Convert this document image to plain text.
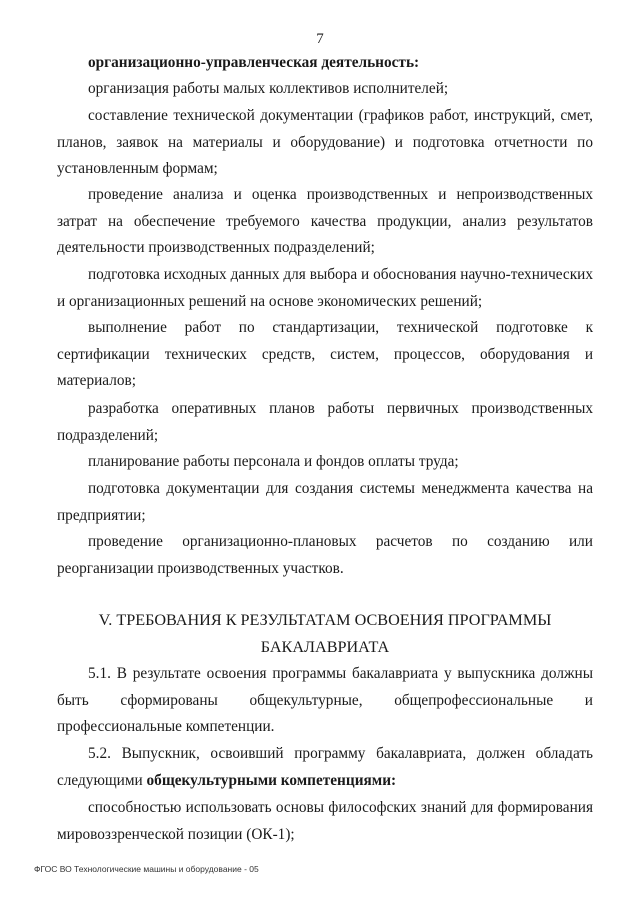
7
организационно-управленческая деятельность:
организация работы малых коллективов исполнителей;
составление технической документации (графиков работ, инструкций, смет, планов, заявок на материалы и оборудование) и подготовка отчетности по установленным формам;
проведение анализа и оценка производственных и непроизводственных затрат на обеспечение требуемого качества продукции, анализ результатов деятельности производственных подразделений;
подготовка исходных данных для выбора и обоснования научно-технических и организационных решений на основе экономических решений;
выполнение работ по стандартизации, технической подготовке к сертификации технических средств, систем, процессов, оборудования и материалов;
разработка оперативных планов работы первичных производственных подразделений;
планирование работы персонала и фондов оплаты труда;
подготовка документации для создания системы менеджмента качества на предприятии;
проведение организационно-плановых расчетов по созданию или реорганизации производственных участков.
V. ТРЕБОВАНИЯ К РЕЗУЛЬТАТАМ ОСВОЕНИЯ ПРОГРАММЫ
БАКАЛАВРИАТА
5.1. В результате освоения программы бакалавриата у выпускника должны быть сформированы общекультурные, общепрофессиональные и профессиональные компетенции.
5.2. Выпускник, освоивший программу бакалавриата, должен обладать следующими общекультурными компетенциями:
способностью использовать основы философских знаний для формирования мировоззренческой позиции (ОК-1);
ФГОС ВО Технологические машины и оборудование - 05
